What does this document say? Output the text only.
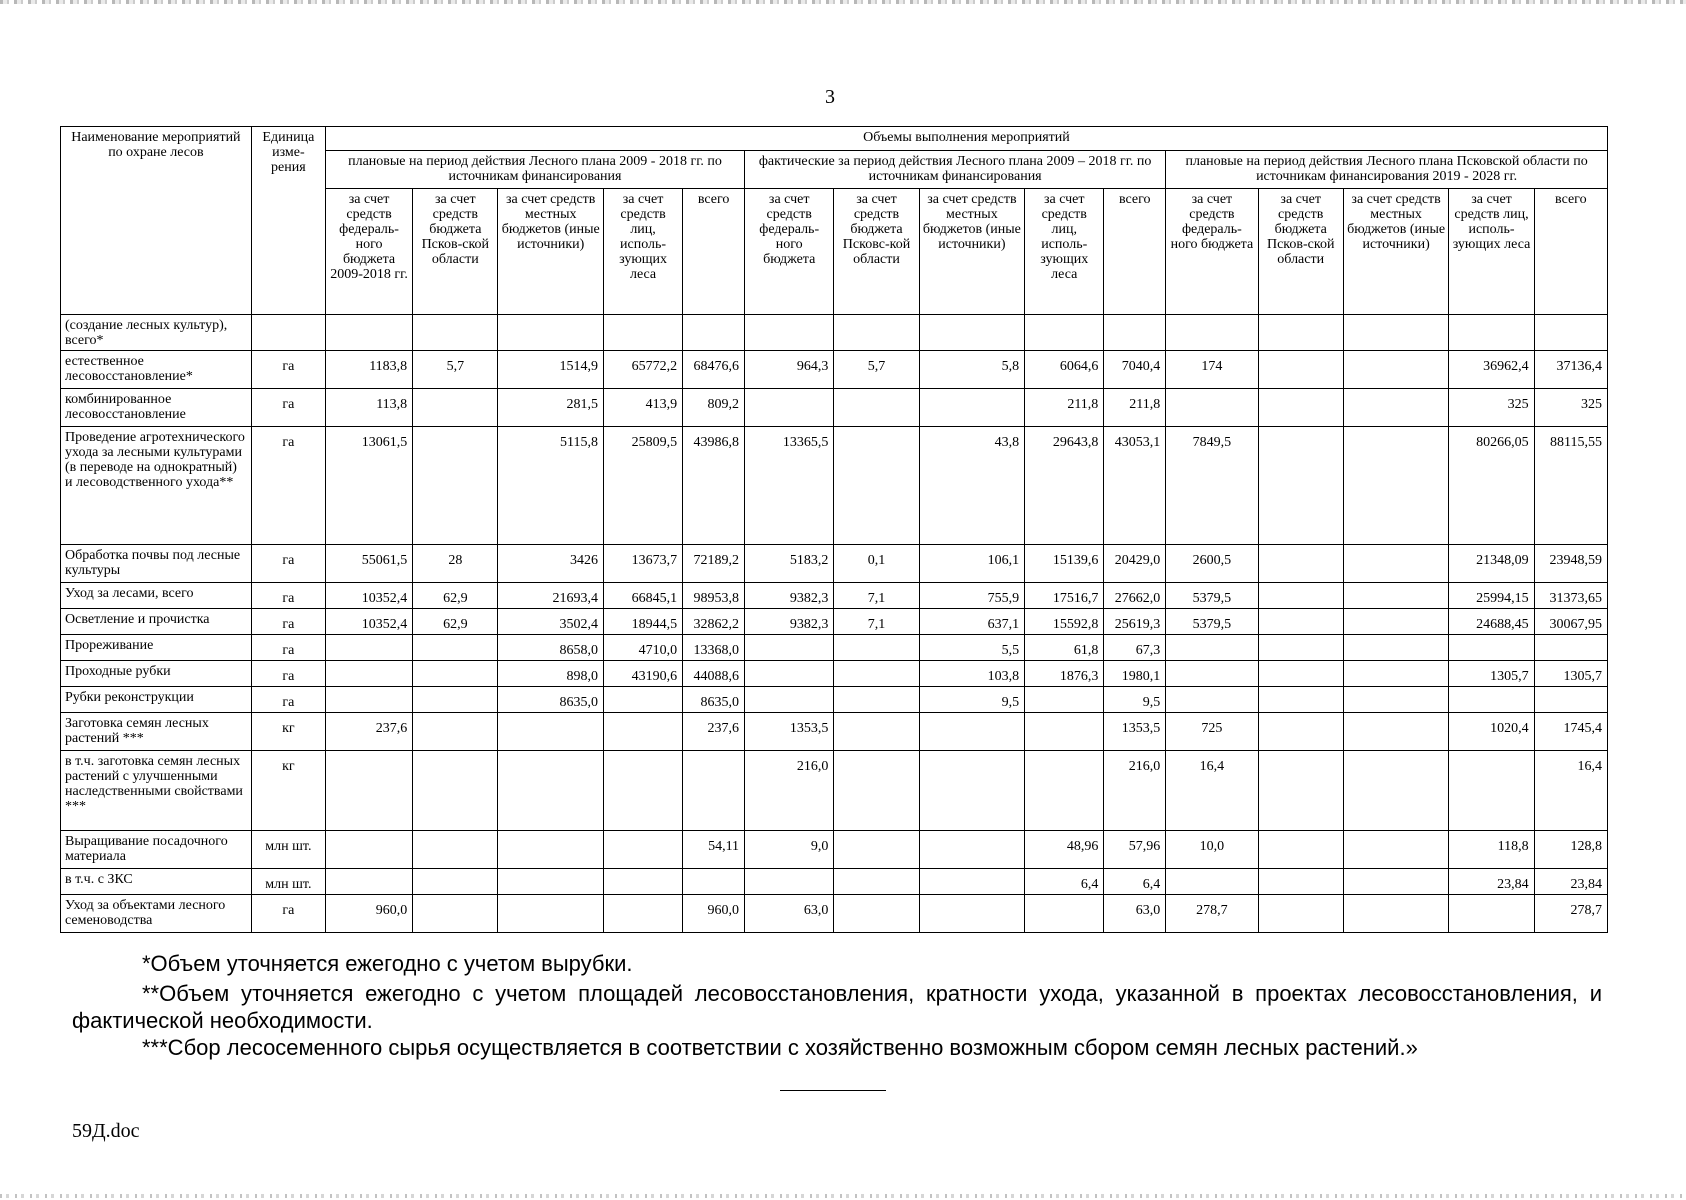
3
Наименование мероприятий по охране лесов	Единица изме-рения	Объемы выполнения мероприятий														
		плановые на период действия Лесного плана 2009 - 2018 гг. по источникам финансирования					фактические за период действия Лесного плана 2009 – 2018 гг. по источникам финансирования					плановые на период действия Лесного плана Псковской области по источникам финансирования 2019 - 2028 гг.				
		за счет средств федераль-ного бюджета 2009-2018 гг.	за счет средств бюджета Псков-ской области	за счет средств местных бюджетов (иные источники)	за счет средств лиц, исполь-зующих леса	всего	за счет средств федераль-ного бюджета	за счет средств бюджета Псковс-кой области	за счет средств местных бюджетов (иные источники)	за счет средств лиц, исполь-зующих леса	всего	за счет средств федераль-ного бюджета	за счет средств бюджета Псков-ской области	за счет средств местных бюджетов (иные источники)	за счет средств лиц, исполь-зующих леса	всего
(создание лесных культур), всего*																
естественное лесовосстановление*	га	1183,8	5,7	1514,9	65772,2	68476,6	964,3	5,7	5,8	6064,6	7040,4	174			36962,4	37136,4
комбинированное лесовосстановление	га	113,8		281,5	413,9	809,2				211,8	211,8				325	325
Проведение агротехнического ухода за лесными культурами (в переводе на однократный) и лесоводственного ухода**	га	13061,5		5115,8	25809,5	43986,8	13365,5		43,8	29643,8	43053,1	7849,5			80266,05	88115,55
Обработка почвы под лесные культуры	га	55061,5	28	3426	13673,7	72189,2	5183,2	0,1	106,1	15139,6	20429,0	2600,5			21348,09	23948,59
Уход за лесами, всего	га	10352,4	62,9	21693,4	66845,1	98953,8	9382,3	7,1	755,9	17516,7	27662,0	5379,5			25994,15	31373,65
Осветление и прочистка	га	10352,4	62,9	3502,4	18944,5	32862,2	9382,3	7,1	637,1	15592,8	25619,3	5379,5			24688,45	30067,95
Прореживание	га			8658,0	4710,0	13368,0			5,5	61,8	67,3					
Проходные рубки	га			898,0	43190,6	44088,6			103,8	1876,3	1980,1				1305,7	1305,7
Рубки реконструкции	га			8635,0		8635,0			9,5		9,5					
Заготовка семян лесных растений ***	кг	237,6				237,6	1353,5				1353,5	725			1020,4	1745,4
в т.ч. заготовка семян лесных растений с улучшенными наследственными свойствами ***	кг						216,0				216,0	16,4				16,4
Выращивание посадочного материала	млн шт.					54,11	9,0			48,96	57,96	10,0			118,8	128,8
в т.ч. с ЗКС	млн шт.									6,4	6,4				23,84	23,84
Уход за объектами лесного семеноводства	га	960,0				960,0	63,0				63,0	278,7				278,7
*Объем уточняется ежегодно с учетом вырубки.
**Объем уточняется ежегодно с учетом площадей лесовосстановления, кратности ухода, указанной в проектах лесовосстановления, и фактической необходимости.
***Сбор лесосеменного сырья осуществляется в соответствии с хозяйственно возможным сбором семян лесных растений.»
59Д.doc
